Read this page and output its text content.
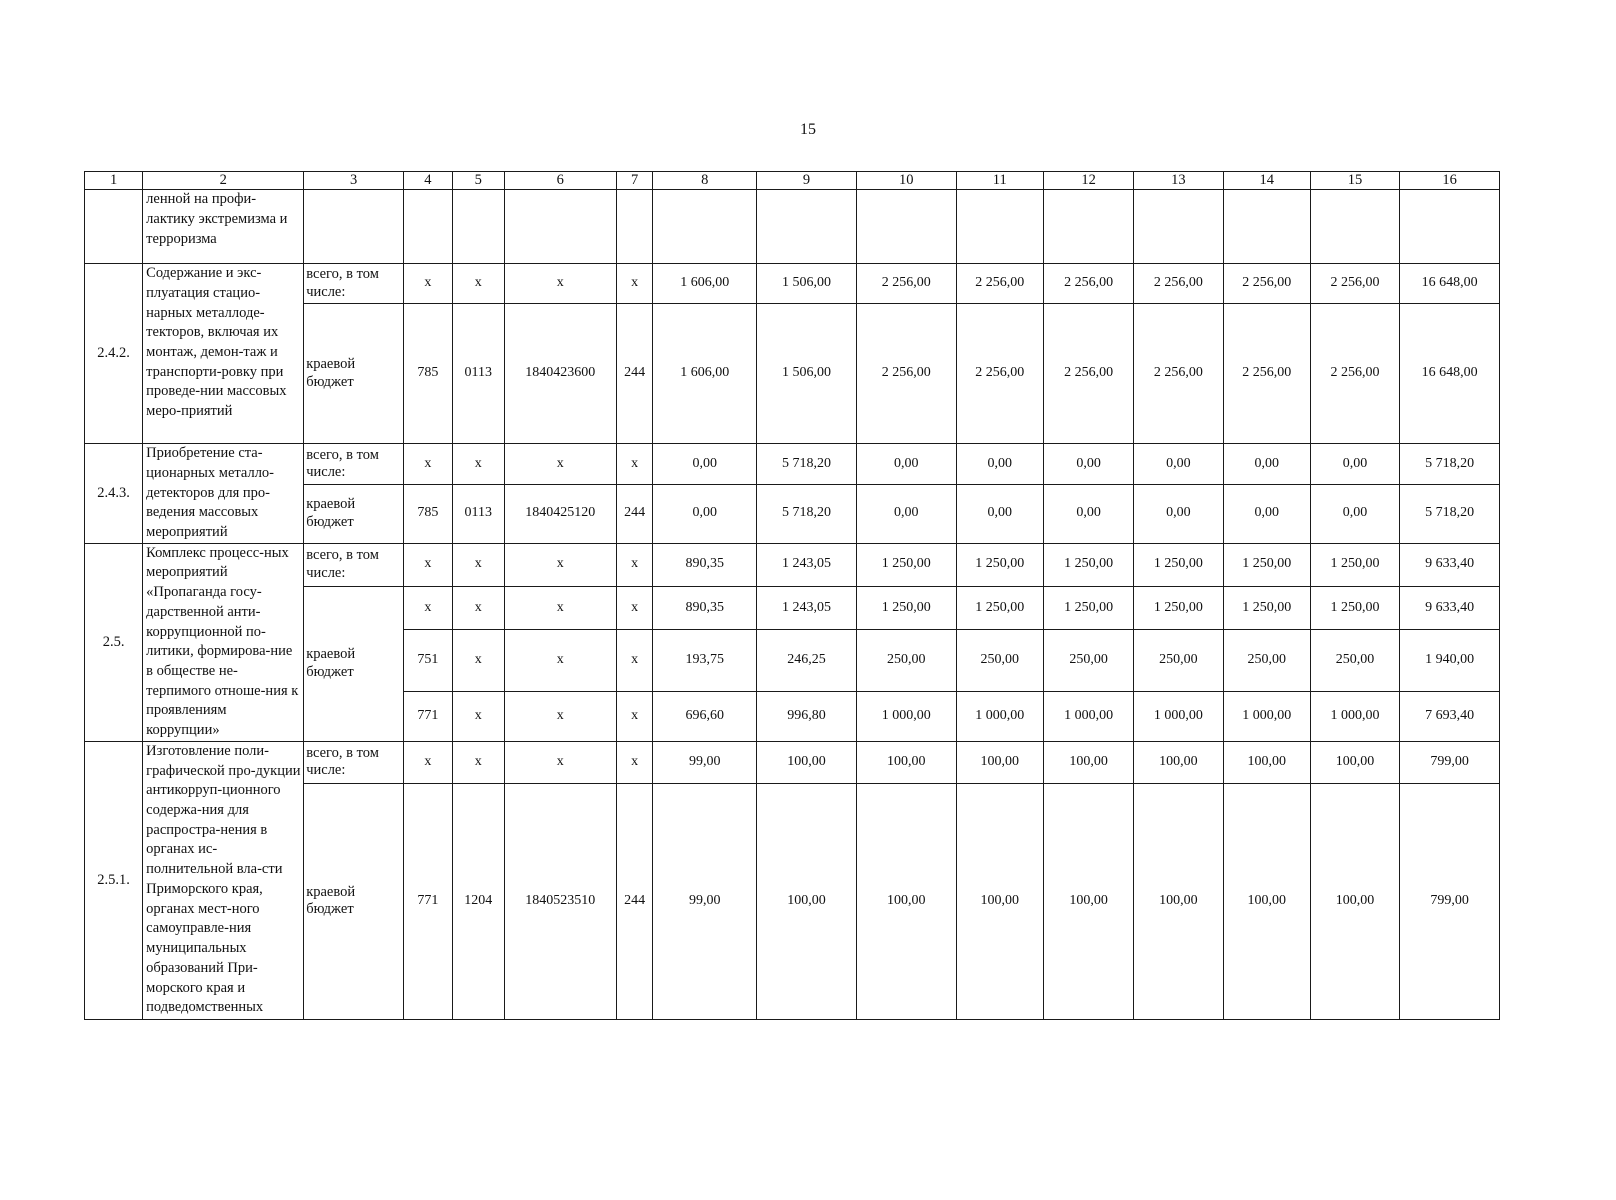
15
1	2	3	4	5	6	7	8	9	10	11	12	13	14	15	16
	ленной на профи-лактику экстремизма и терроризма														
2.4.2.	Содержание и экс-плуатация стацио-нарных металлоде-текторов, включая их монтаж, демон-таж и транспорти-ровку при проведе-нии массовых меро-приятий	всего, в том числе:	x	x	x	x	1 606,00	1 506,00	2 256,00	2 256,00	2 256,00	2 256,00	2 256,00	2 256,00	16 648,00
		краевой бюджет	785	0113	1840423600	244	1 606,00	1 506,00	2 256,00	2 256,00	2 256,00	2 256,00	2 256,00	2 256,00	16 648,00
2.4.3.	Приобретение ста-ционарных металло-детекторов для про-ведения массовых мероприятий	всего, в том числе:	x	x	x	x	0,00	5 718,20	0,00	0,00	0,00	0,00	0,00	0,00	5 718,20
		краевой бюджет	785	0113	1840425120	244	0,00	5 718,20	0,00	0,00	0,00	0,00	0,00	0,00	5 718,20
2.5.	Комплекс процесс-ных мероприятий «Пропаганда госу-дарственной анти-коррупционной по-литики, формирова-ние в обществе не-терпимого отноше-ния к проявлениям коррупции»	всего, в том числе:	x	x	x	x	890,35	1 243,05	1 250,00	1 250,00	1 250,00	1 250,00	1 250,00	1 250,00	9 633,40
		краевой бюджет	x	x	x	x	890,35	1 243,05	1 250,00	1 250,00	1 250,00	1 250,00	1 250,00	1 250,00	9 633,40
			751	x	x	x	193,75	246,25	250,00	250,00	250,00	250,00	250,00	250,00	1 940,00
			771	x	x	x	696,60	996,80	1 000,00	1 000,00	1 000,00	1 000,00	1 000,00	1 000,00	7 693,40
2.5.1.	Изготовление поли-графической про-дукции антикорруп-ционного содержа-ния для распростра-нения в органах ис-полнительной вла-сти Приморского края, органах мест-ного самоуправле-ния муниципальных образований При-морского края и подведомственных	всего, в том числе:	x	x	x	x	99,00	100,00	100,00	100,00	100,00	100,00	100,00	100,00	799,00
		краевой бюджет	771	1204	1840523510	244	99,00	100,00	100,00	100,00	100,00	100,00	100,00	100,00	799,00
